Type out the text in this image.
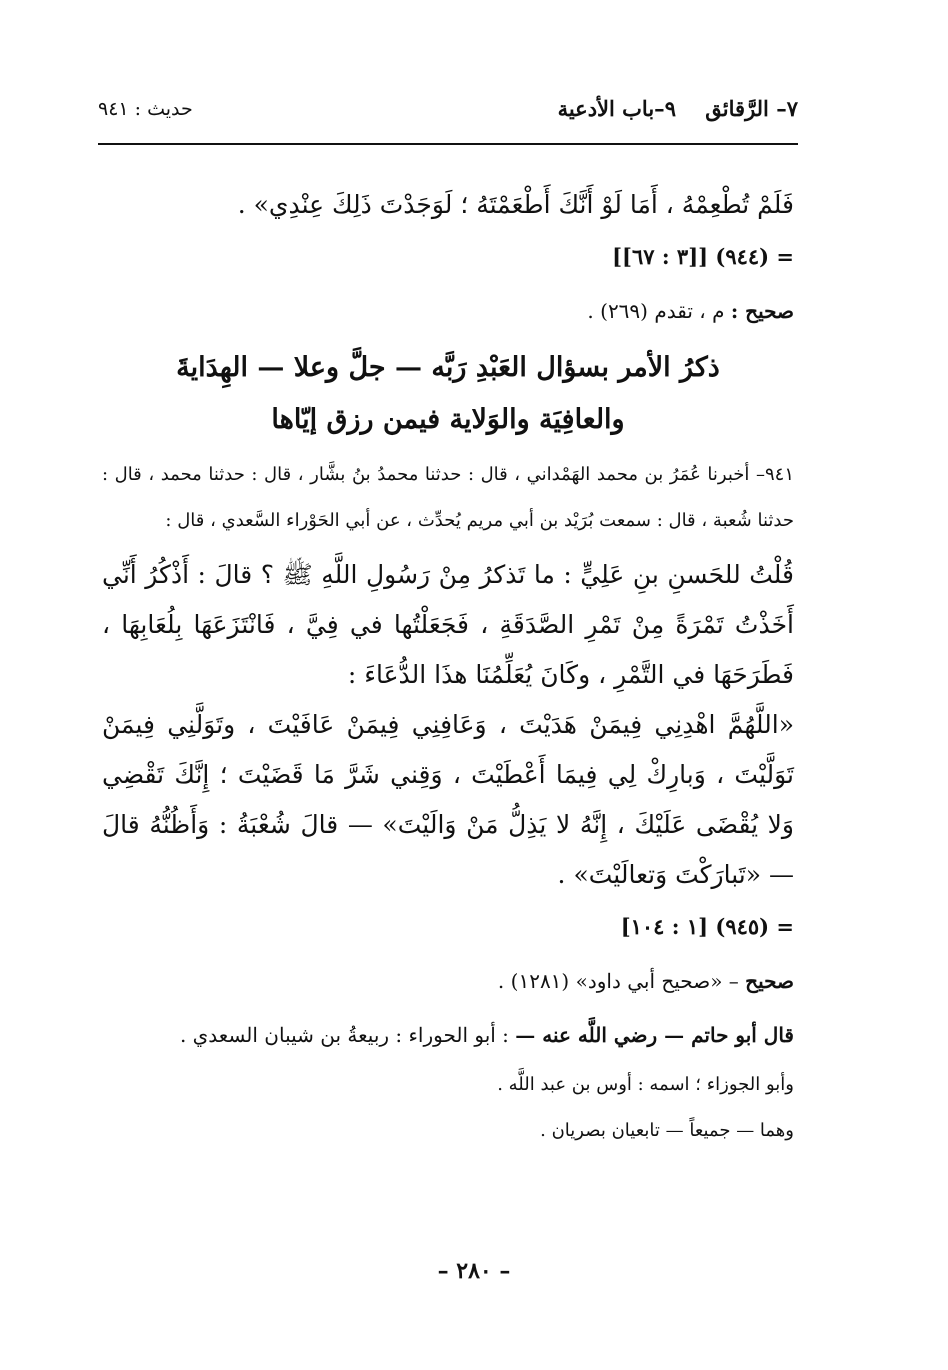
٧– الرَّقائق ٩–باب الأدعية
حديث : ٩٤١

فَلَمْ تُطْعِمْهُ ، أَمَا لَوْ أَنَّكَ أَطْعَمْتَهُ ؛ لَوَجَدْتَ ذَلِكَ عِنْدِي» .

= (٩٤٤) [[٣ : ٦٧]]

صحيح : م ، تقدم (٢٦٩) .

ذكرُ الأمر بسؤال العَبْدِ رَبَّه — جلَّ وعلا — الهِدَايةَ
والعافِيَة والوَلاية فيمن رزق إيّاها

٩٤١– أخبرنا عُمَرُ بن محمد الهَمْداني ، قال : حدثنا محمدُ بنُ بشَّار ، قال : حدثنا محمد ، قال : حدثنا شُعبة ، قال : سمعت بُرَيْد بن أبي مريم يُحدِّث ، عن أبي الحَوْراء السَّعدي ، قال :

قُلْتُ للحَسنِ بنِ عَلِيٍّ : ما تَذكرُ مِنْ رَسُولِ اللَّهِ ﷺ ؟ قالَ : أَذْكُرُ أَنِّي أَخَذْتُ تَمْرَةً مِنْ تَمْرِ الصَّدَقَةِ ، فَجَعَلْتُها في فِيَّ ، فَانْتَزَعَهَا بِلُعَابِهَا ، فَطَرَحَهَا في التَّمْرِ ، وكَانَ يُعَلِّمُنَا هذَا الدُّعَاءَ :

«اللَّهُمَّ اهْدِنِي فِيمَنْ هَدَيْتَ ، وَعَافِنِي فِيمَنْ عَافَيْتَ ، وتَوَلَّنِي فِيمَنْ تَوَلَّيْتَ ، وَبارِكْ لِي فِيمَا أَعْطَيْتَ ، وَقِني شَرَّ مَا قَضَيْتَ ؛ إِنَّكَ تَقْضِي وَلا يُقْضَى عَلَيْكَ ، إِنَّهُ لا يَذِلُّ مَنْ وَالَيْتَ» — قالَ شُعْبَةُ : وَأَظُنُّهُ قالَ — «تَبارَكْتَ وَتعالَيْتَ» .

= (٩٤٥) [١ : ١٠٤]

صحيح – «صحيح أبي داود» (١٢٨١) .

قال أبو حاتم — رضي اللَّه عنه — : أبو الحوراء : ربيعةُ بن شيبان السعدي .

وأبو الجوزاء ؛ اسمه : أوس بن عبد اللَّه .

وهما — جميعاً — تابعيان بصريان .

– ٢٨٠ –
